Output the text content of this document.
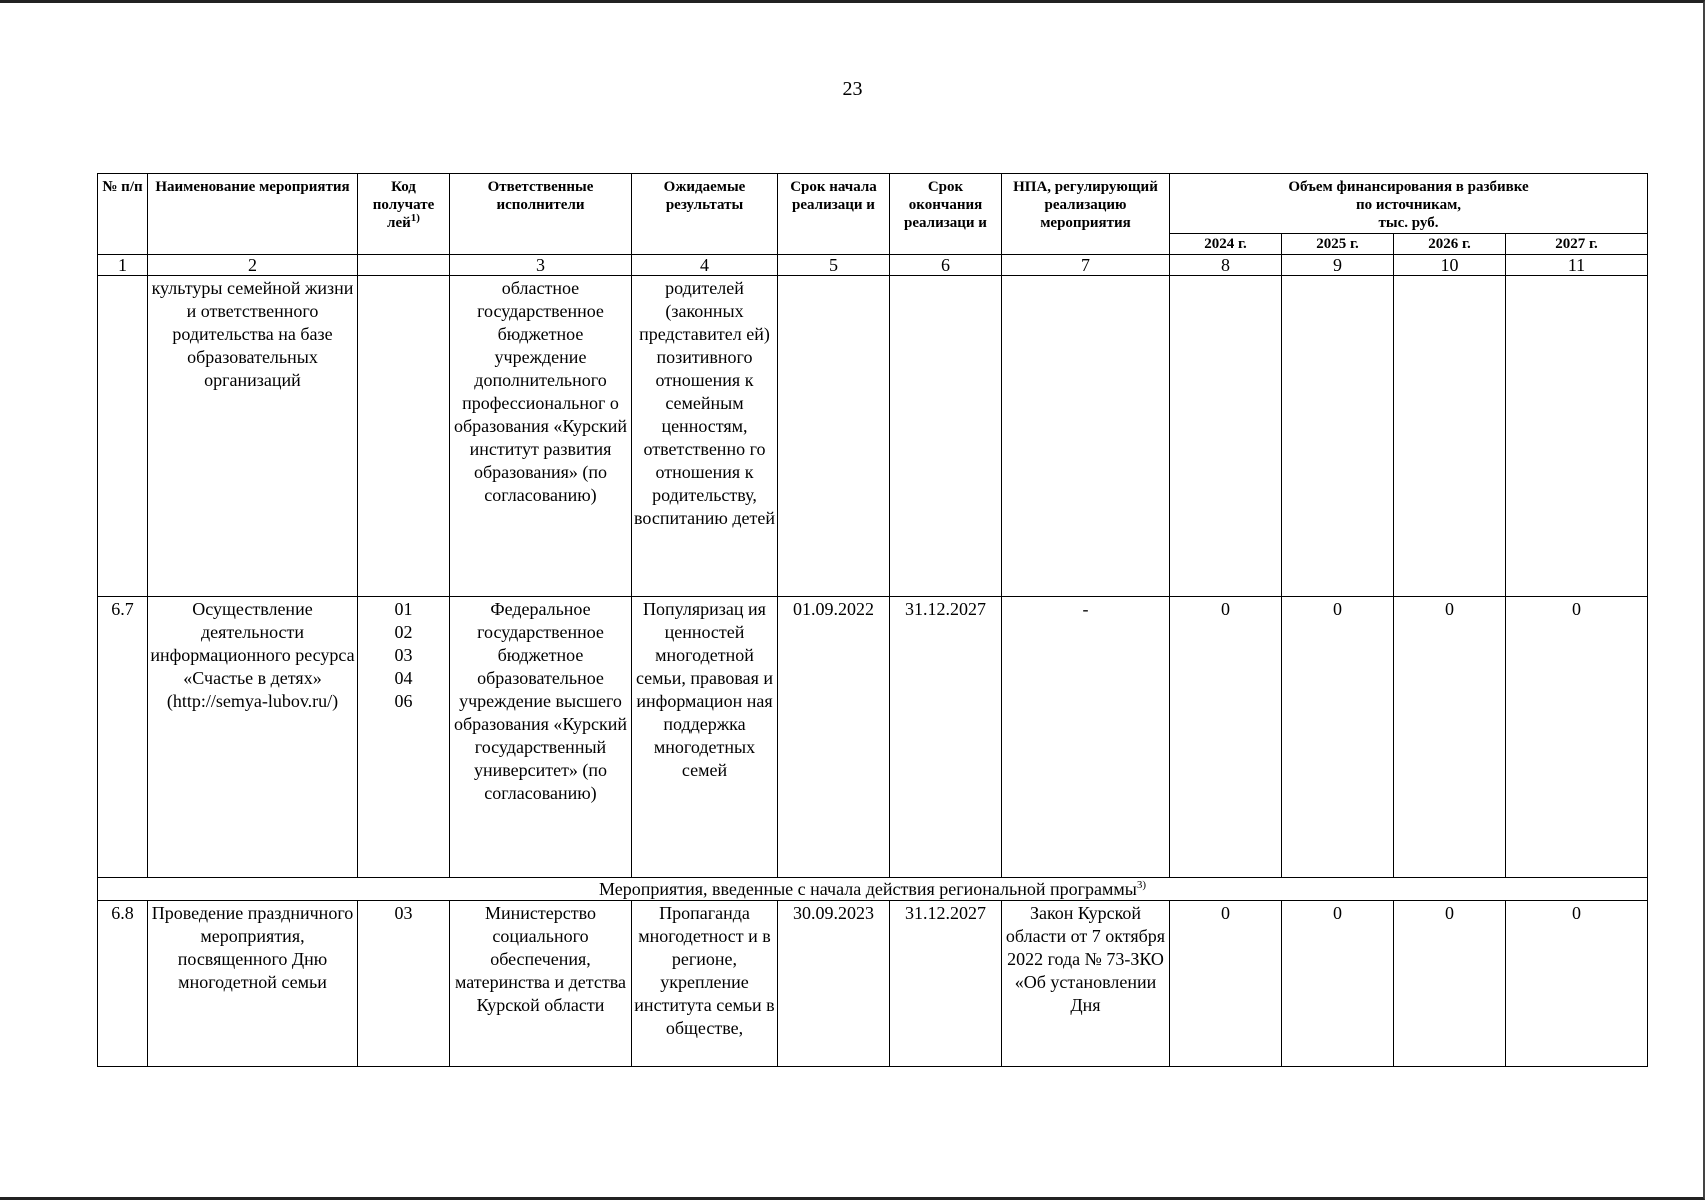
23
№ п/п	Наименование мероприятия	Код получате лей$^{1)}$	Ответственные исполнители	Ожидаемые результаты	Срок начала реализаци и	Срок окончания реализаци и	НПА, регулирующий реализацию мероприятия	Объем финансирования в разбивке
по источникам,
тыс. руб.			
								2024 г.	2025 г.	2026 г.	2027 г.
1	2		3	4	5	6	7	8	9	10	11
	культуры семейной жизни и ответственного родительства на базе образовательных организаций		областное государственное бюджетное учреждение дополнительного профессиональног о образования «Курский институт развития образования» (по согласованию)	родителей (законных представител ей) позитивного отношения к семейным ценностям, ответственно го отношения к родительству, воспитанию детей							
6.7	Осуществление деятельности информационного ресурса «Счастье в детях» (http://semya-lubov.ru/)	01
02
03
04
06	Федеральное государственное бюджетное образовательное учреждение высшего образования «Курский государственный университет» (по согласованию)	Популяризац ия ценностей многодетной семьи, правовая и информацион ная поддержка многодетных семей	01.09.2022	31.12.2027	-	0	0	0	0
Мероприятия, введенные с начала действия региональной программы$^{3)}$
6.8	Проведение праздничного мероприятия, посвященного Дню многодетной семьи	03	Министерство социального обеспечения, материнства и детства Курской области	Пропаганда многодетност и в регионе, укрепление института семьи в обществе,	30.09.2023	31.12.2027	Закон Курской области от 7 октября 2022 года № 73-ЗКО «Об установлении Дня	0	0	0	0
